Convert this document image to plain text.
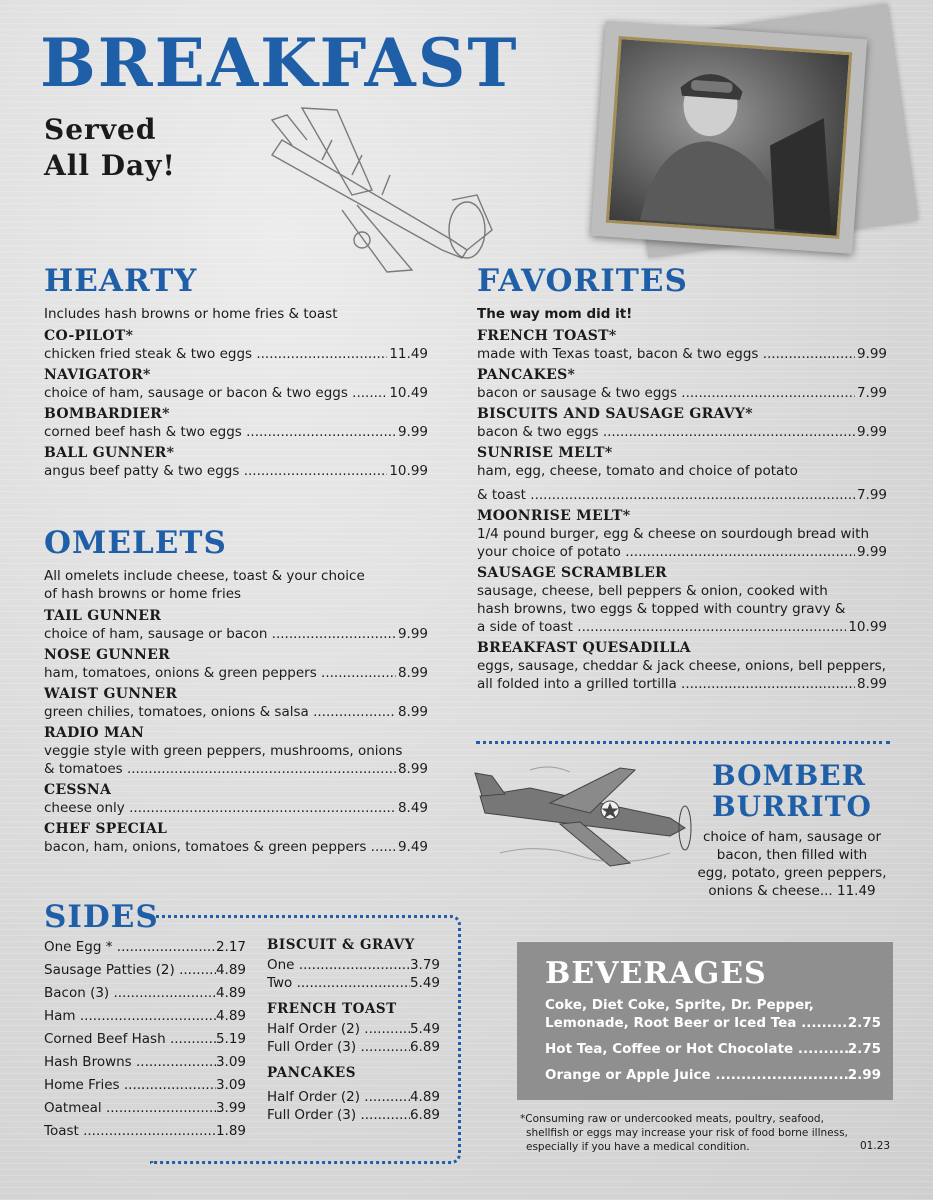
BREAKFAST
Served
All Day!
HEARTY
Includes hash browns or home fries & toast
CO-PILOT*
chicken fried steak & two eggs .....	11.49
NAVIGATOR*
choice of ham, sausage or bacon & two eggs .....	10.49
BOMBARDIER*
corned beef hash & two eggs .....	9.99
BALL GUNNER*
angus beef patty & two eggs .....	10.99
OMELETS
All omelets include cheese, toast & your choice
of hash browns or home fries
TAIL GUNNER
choice of ham, sausage or bacon .....	9.99
NOSE GUNNER
ham, tomatoes, onions & green peppers .....	8.99
WAIST GUNNER
green chilies, tomatoes, onions & salsa .....	8.99
RADIO MAN
veggie style with green peppers, mushrooms, onions
& tomatoes .....	8.99
CESSNA
cheese only .....	8.49
CHEF SPECIAL
bacon, ham, onions, tomatoes & green peppers .....	9.49
FAVORITES
The way mom did it!
FRENCH TOAST*
made with Texas toast, bacon & two eggs .....	9.99
PANCAKES*
bacon or sausage & two eggs .....	7.99
BISCUITS AND SAUSAGE GRAVY*
bacon & two eggs .....	9.99
SUNRISE MELT*
ham, egg, cheese, tomato and choice of potato
& toast .....	7.99
MOONRISE MELT*
1/4 pound burger, egg & cheese on sourdough bread with
your choice of potato .....	9.99
SAUSAGE SCRAMBLER
sausage, cheese, bell peppers & onion, cooked with
hash browns, two eggs & topped with country gravy &
a side of toast .....	10.99
BREAKFAST QUESADILLA
eggs, sausage, cheddar & jack cheese, onions, bell peppers,
all folded into a grilled tortilla .....	8.99
BOMBER
BURRITO
choice of ham, sausage or
bacon, then filled with
egg, potato, green peppers,
onions & cheese... 11.49
SIDES
One Egg * .....	2.17
Sausage Patties (2) .....	4.89
Bacon (3) .....	4.89
Ham .....	4.89
Corned Beef Hash .....	5.19
Hash Browns .....	3.09
Home Fries .....	3.09
Oatmeal .....	3.99
Toast .....	1.89
BISCUIT & GRAVY
One .....	3.79
Two .....	5.49
FRENCH TOAST
Half Order (2) .....	5.49
Full Order (3) .....	6.89
PANCAKES
Half Order (2) .....	4.89
Full Order (3) .....	6.89
BEVERAGES
Coke, Diet Coke, Sprite, Dr. Pepper,
Lemonade, Root Beer or Iced Tea .....	2.75
Hot Tea, Coffee or Hot Chocolate .....	2.75
Orange or Apple Juice .....	2.99
*Consuming raw or undercooked meats, poultry, seafood,
shellfish or eggs may increase your risk of food borne illness,
especially if you have a medical condition.	01.23
